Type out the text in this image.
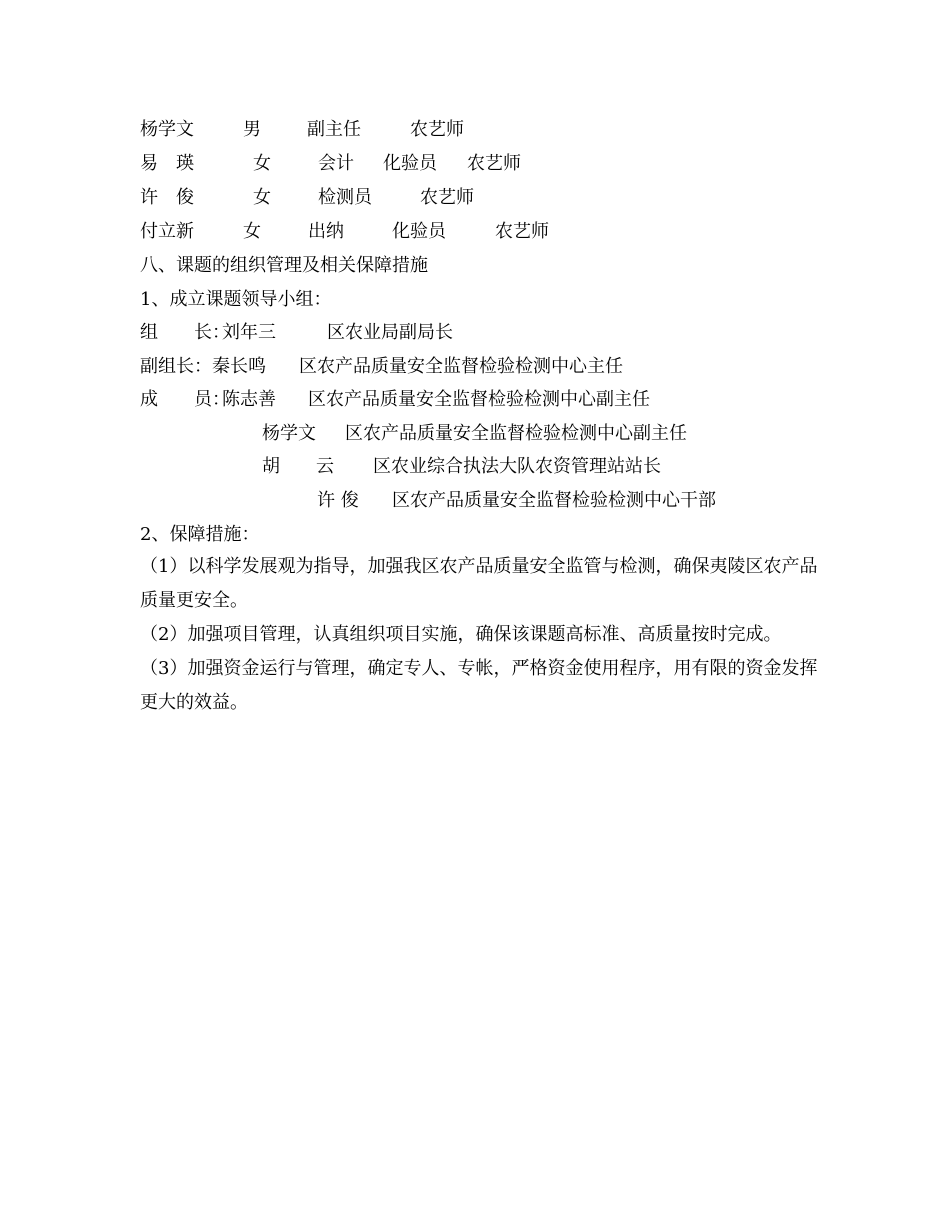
杨学文	男	副主任	农艺师
易　瑛	女	会计 化验员 农艺师
许　俊	女	检测员	农艺师
付立新	女	出纳	化验员	农艺师
八、课题的组织管理及相关保障措施
1、成立课题领导小组：
组　　长：
刘年三	区农业局副局长
副组长： 秦长鸣 区农产品质量安全监督检验检测中心主任
成　　员：
陈志善 区农产品质量安全监督检验检测中心副主任
杨学文 区农产品质量安全监督检验检测中心副主任
胡　　云 区农业综合执法大队农资管理站站长
许 俊 区农产品质量安全监督检验检测中心干部
2、保障措施：
（1）以科学发展观为指导，加强我区农产品质量安全监管与检测，确保夷陵区农产品质量更安全。
（2）加强项目管理，认真组织项目实施，确保该课题高标准、高质量按时完成。
（3）加强资金运行与管理，确定专人、专帐，严格资金使用程序，用有限的资金发挥更大的效益。
